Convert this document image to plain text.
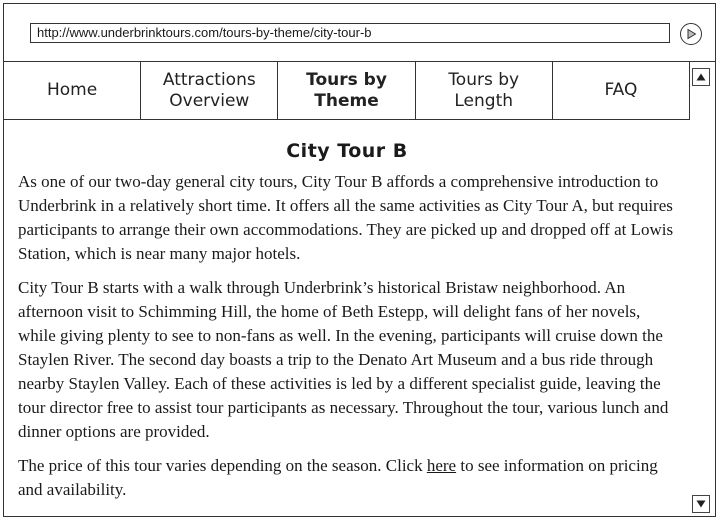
http://www.underbrinktours.com/tours-by-theme/city-tour-b
Home
Attractions
Overview
Tours by
Theme
Tours by
Length
FAQ
City Tour B

As one of our two-day general city tours, City Tour B affords a comprehensive introduction to Underbrink in a relatively short time. It offers all the same activities as City Tour A, but requires participants to arrange their own accommodations. They are picked up and dropped off at Lowis Station, which is near many major hotels.

City Tour B starts with a walk through Underbrink’s historical Bristaw neighborhood. An afternoon visit to Schimming Hill, the home of Beth Estepp, will delight fans of her novels, while giving plenty to see to non-fans as well. In the evening, participants will cruise down the Staylen River. The second day boasts a trip to the Denato Art Museum and a bus ride through nearby Staylen Valley. Each of these activities is led by a different specialist guide, leaving the tour director free to assist tour participants as necessary. Throughout the tour, various lunch and dinner options are provided.

The price of this tour varies depending on the season. Click here to see information on pricing and availability.
